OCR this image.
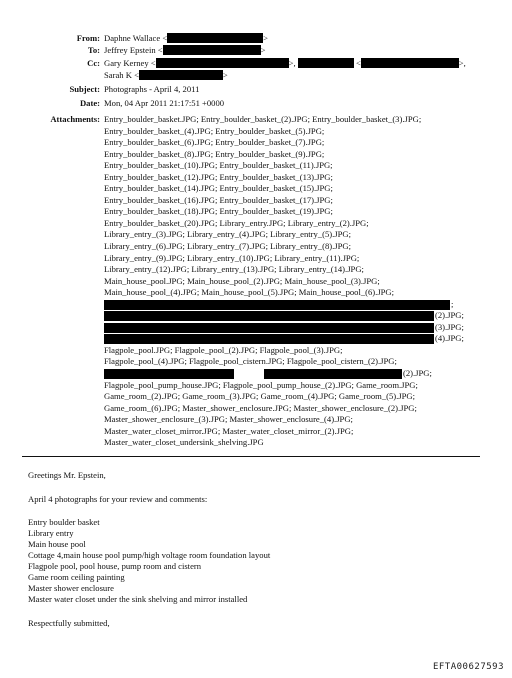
From: Daphne Wallace <	>
To: Jeffrey Epstein <	>
Cc: Gary Kerney <	>,	<	>,
Sarah K <	>
Subject: Photographs - April 4, 2011
Date: Mon, 04 Apr 2011 21:17:51 +0000
Attachments: Entry_boulder_basket.JPG; Entry_boulder_basket_(2).JPG; Entry_boulder_basket_(3).JPG;
Entry_boulder_basket_(4).JPG; Entry_boulder_basket_(5).JPG;
Entry_boulder_basket_(6).JPG; Entry_boulder_basket_(7).JPG;
Entry_boulder_basket_(8).JPG; Entry_boulder_basket_(9).JPG;
Entry_boulder_basket_(10).JPG; Entry_boulder_basket_(11).JPG;
Entry_boulder_basket_(12).JPG; Entry_boulder_basket_(13).JPG;
Entry_boulder_basket_(14).JPG; Entry_boulder_basket_(15).JPG;
Entry_boulder_basket_(16).JPG; Entry_boulder_basket_(17).JPG;
Entry_boulder_basket_(18).JPG; Entry_boulder_basket_(19).JPG;
Entry_boulder_basket_(20).JPG; Library_entry.JPG; Library_entry_(2).JPG;
Library_entry_(3).JPG; Library_entry_(4).JPG; Library_entry_(5).JPG;
Library_entry_(6).JPG; Library_entry_(7).JPG; Library_entry_(8).JPG;
Library_entry_(9).JPG; Library_entry_(10).JPG; Library_entry_(11).JPG;
Library_entry_(12).JPG; Library_entry_(13).JPG; Library_entry_(14).JPG;
Main_house_pool.JPG; Main_house_pool_(2).JPG; Main_house_pool_(3).JPG;
Main_house_pool_(4).JPG; Main_house_pool_(5).JPG; Main_house_pool_(6).JPG;
;
(2).JPG;
(3).JPG;
(4).JPG;
Flagpole_pool.JPG; Flagpole_pool_(2).JPG; Flagpole_pool_(3).JPG;
Flagpole_pool_(4).JPG; Flagpole_pool_cistern.JPG; Flagpole_pool_cistern_(2).JPG;
(2).JPG;
Flagpole_pool_pump_house.JPG; Flagpole_pool_pump_house_(2).JPG; Game_room.JPG;
Game_room_(2).JPG; Game_room_(3).JPG; Game_room_(4).JPG; Game_room_(5).JPG;
Game_room_(6).JPG; Master_shower_enclosure.JPG; Master_shower_enclosure_(2).JPG;
Master_shower_enclosure_(3).JPG; Master_shower_enclosure_(4).JPG;
Master_water_closet_mirror.JPG; Master_water_closet_mirror_(2).JPG;
Master_water_closet_undersink_shelving.JPG
Greetings Mr. Epstein,
April 4 photographs for your review and comments:
Entry boulder basket
Library entry
Main house pool
Cottage 4,main house pool pump/high voltage room foundation layout
Flagpole pool, pool house, pump room and cistern
Game room ceiling painting
Master shower enclosure
Master water closet under the sink shelving and mirror installed
Respectfully submitted,
EFTA00627593
